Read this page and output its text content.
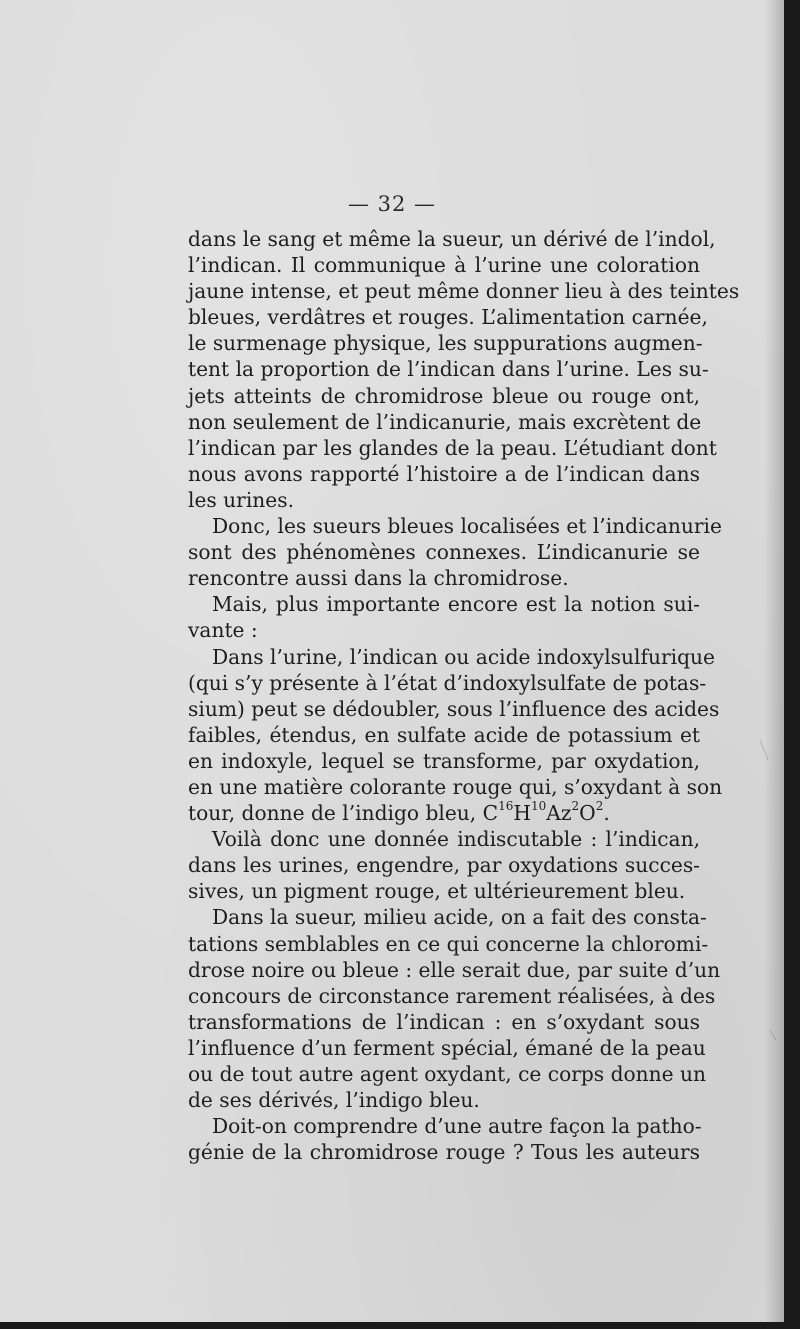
— 32 —
dans le sang et même la sueur, un dérivé de l’indol,
l’indican. Il communique à l’urine une coloration
jaune intense, et peut même donner lieu à des teintes
bleues, verdâtres et rouges. L’alimentation carnée,
le surmenage physique, les suppurations augmen-
tent la proportion de l’indican dans l’urine. Les su-
jets atteints de chromidrose bleue ou rouge ont,
non seulement de l’indicanurie, mais excrètent de
l’indican par les glandes de la peau. L’étudiant dont
nous avons rapporté l’histoire a de l’indican dans
les urines.
Donc, les sueurs bleues localisées et l’indicanurie
sont des phénomènes connexes. L’indicanurie se
rencontre aussi dans la chromidrose.
Mais, plus importante encore est la notion sui-
vante :
Dans l’urine, l’indican ou acide indoxylsulfurique
(qui s’y présente à l’état d’indoxylsulfate de potas-
sium) peut se dédoubler, sous l’influence des acides
faibles, étendus, en sulfate acide de potassium et
en indoxyle, lequel se transforme, par oxydation,
en une matière colorante rouge qui, s’oxydant à son
tour, donne de l’indigo bleu, $C^{16}H^{10}Az^2O^2$.
Voilà donc une donnée indiscutable : l’indican,
dans les urines, engendre, par oxydations succes-
sives, un pigment rouge, et ultérieurement bleu.
Dans la sueur, milieu acide, on a fait des consta-
tations semblables en ce qui concerne la chloromi-
drose noire ou bleue : elle serait due, par suite d’un
concours de circonstance rarement réalisées, à des
transformations de l’indican : en s’oxydant sous
l’influence d’un ferment spécial, émané de la peau
ou de tout autre agent oxydant, ce corps donne un
de ses dérivés, l’indigo bleu.
Doit-on comprendre d’une autre façon la patho-
génie de la chromidrose rouge ? Tous les auteurs
